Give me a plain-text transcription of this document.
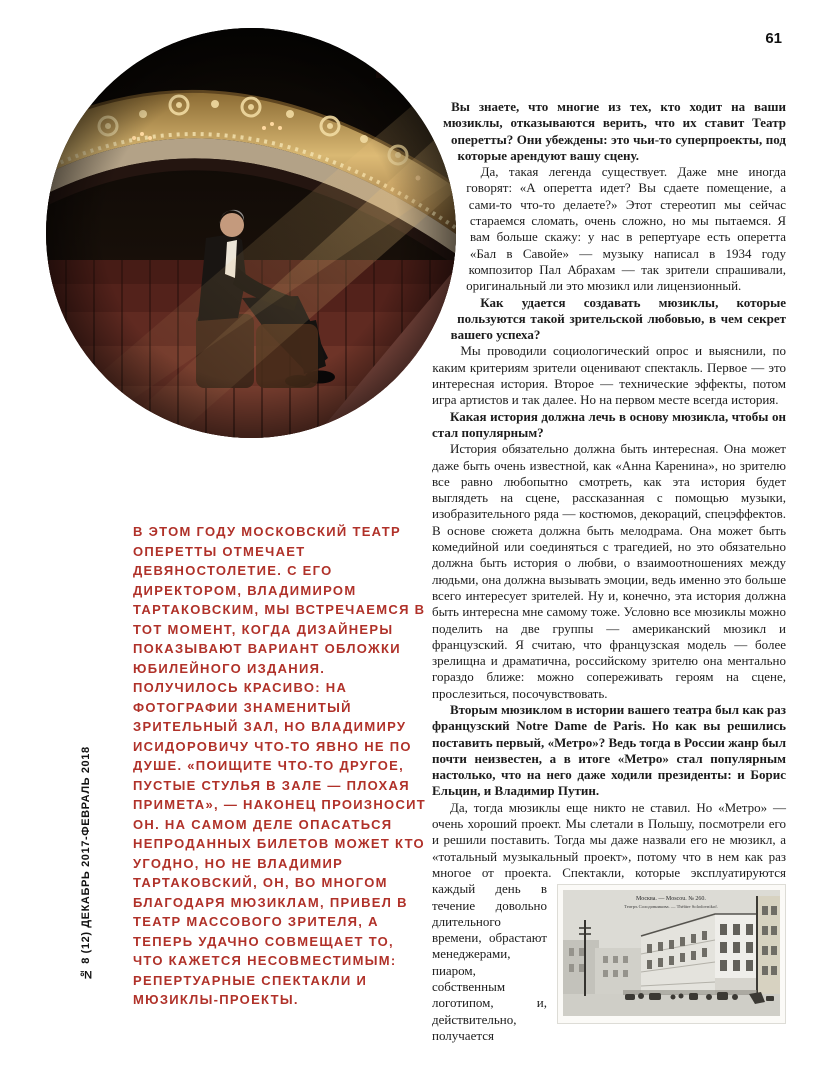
61
№ 8 (12) ДЕКАБРЬ 2017-ФЕВРАЛЬ 2018
В ЭТОМ ГОДУ МОСКОВСКИЙ ТЕАТР ОПЕРЕТТЫ ОТМЕЧАЕТ ДЕВЯНОСТОЛЕТИЕ. С ЕГО ДИРЕКТОРОМ, ВЛАДИМИРОМ ТАРТАКОВСКИМ, МЫ ВСТРЕЧАЕМСЯ В ТОТ МОМЕНТ, КОГДА ДИЗАЙНЕРЫ ПОКАЗЫВАЮТ ВАРИАНТ ОБЛОЖКИ ЮБИЛЕЙНОГО ИЗДАНИЯ. ПОЛУЧИЛОСЬ КРАСИВО: НА ФОТОГРАФИИ ЗНАМЕНИТЫЙ ЗРИТЕЛЬНЫЙ ЗАЛ, НО ВЛАДИМИРУ ИСИДОРОВИЧУ ЧТО-ТО ЯВНО НЕ ПО ДУШЕ. «ПОИЩИТЕ ЧТО-ТО ДРУГОЕ, ПУСТЫЕ СТУЛЬЯ В ЗАЛЕ — ПЛОХАЯ ПРИМЕТА», — НАКОНЕЦ ПРОИЗНОСИТ ОН. НА САМОМ ДЕЛЕ ОПАСАТЬСЯ НЕПРОДАННЫХ БИЛЕТОВ МОЖЕТ КТО УГОДНО, НО НЕ ВЛАДИМИР ТАРТАКОВСКИЙ, ОН, ВО МНОГОМ БЛАГОДАРЯ МЮЗИКЛАМ, ПРИВЕЛ В ТЕАТР МАССОВОГО ЗРИТЕЛЯ, А ТЕПЕРЬ УДАЧНО СОВМЕЩАЕТ ТО, ЧТО КАЖЕТСЯ НЕСОВМЕСТИМЫМ: РЕПЕРТУАРНЫЕ СПЕКТАКЛИ И МЮЗИКЛЫ-ПРОЕКТЫ.

Вы знаете, что многие из тех, кто ходит на ваши мюзиклы, отказываются верить, что их ставит Театр оперетты? Они убеждены: это чьи-то суперпроекты, под которые арендуют вашу сцену.

Да, такая легенда существует. Даже мне иногда говорят: «А оперетта идет? Вы сдаете помещение, а сами-то что-то делаете?» Этот стереотип мы сейчас стараемся сломать, очень сложно, но мы пытаемся. Я вам больше скажу: у нас в репертуаре есть оперетта «Бал в Савойе» — музыку написал в 1934 году композитор Пал Абрахам — так зрители спрашивали, оригинальный ли это мюзикл или лицензионный.

Как удается создавать мюзиклы, которые пользуются такой зрительской любовью, в чем секрет вашего успеха?

Мы проводили социологический опрос и выяснили, по каким критериям зрители оценивают спектакль. Первое — это интересная история. Второе — технические эффекты, потом игра артистов и так далее. Но на первом месте всегда история.

Какая история должна лечь в основу мюзикла, чтобы он стал популярным?

История обязательно должна быть интересная. Она может даже быть очень известной, как «Анна Каренина», но зрителю все равно любопытно смотреть, как эта история будет выглядеть на сцене, рассказанная с помощью музыки, изобразительного ряда — костюмов, декораций, спецэффектов. В основе сюжета должна быть мелодрама. Она может быть комедийной или соединяться с трагедией, но это обязательно должна быть история о любви, о взаимоотношениях между людьми, она должна вызывать эмоции, ведь именно это больше всего интересует зрителей. Ну и, конечно, эта история должна быть интересна мне самому тоже. Условно все мюзиклы можно поделить на две группы — американский мюзикл и французский. Я считаю, что французская модель — более зрелищна и драматична, российскому зрителю она ментально гораздо ближе: можно сопереживать героям на сцене, прослезиться, посочувствовать.

Вторым мюзиклом в истории вашего театра был как раз французский Notre Dame de Paris. Но как вы решились поставить первый, «Метро»? Ведь тогда в России жанр был почти неизвестен, а в итоге «Метро» стал популярным настолько, что на него даже ходили президенты: и Борис Ельцин, и Владимир Путин.

Да, тогда мюзиклы еще никто не ставил. Но «Метро» — очень хороший проект. Мы слетали в Польшу, посмотрели его и решили поставить. Тогда мы даже назвали его не мюзикл, а «тотальный музыкальный проект», потому что в нем как раз многое от проекта. Спектакли,
Москва. — Moscou. № 260.
Театръ Солодовникова. — Théâtre Solodovnikof.
которые эксплуатируются каждый день в течение довольно длительного времени, обрастают менеджерами, пиаром, собственным логотипом, и, действительно, получается
